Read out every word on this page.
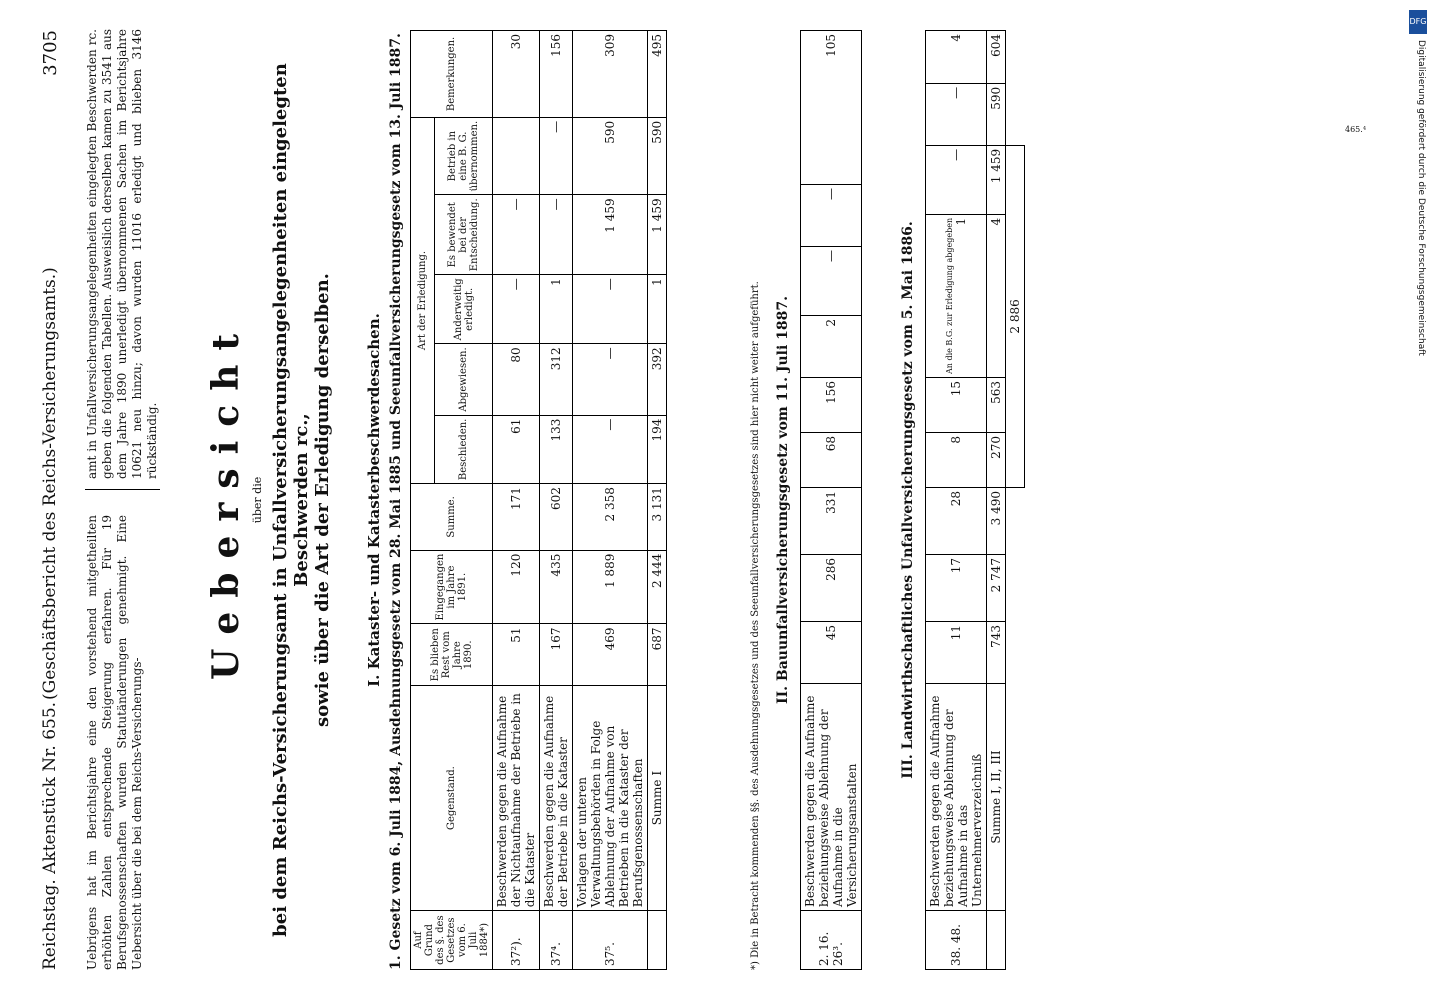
Reichstag. Aktenstück Nr. 655.
(Geschäftsbericht des Reichs-Versicherungsamts.)
3705
Uebrigens hat im Berichtsjahre eine den vorstehend mitgetheilten erhöhten Zahlen entsprechende Steigerung erfahren. Für 19 Berufsgenossenschaften wurden Statutänderungen genehmigt. Eine Uebersicht über die bei dem Reichs-Versicherungs-
amt in Unfallversicherungsangelegenheiten eingelegten Beschwerden rc. geben die folgenden Tabellen. Ausweislich derselben kamen zu 3541 aus dem Jahre 1890 unerledigt übernommenen Sachen im Berichtsjahre 10621 neu hinzu; davon wurden 11016 erledigt und blieben 3146 rückständig. Uebersicht über die bei dem Reichs-Versicherungsamt in Unfallversicherungsangelegenheiten eingelegten Beschwerden rc., sowie über die Art der Erledigung derselben. I. Kataster- und Katasterbeschwerdesachen. 1. Gesetz vom 6. Juli 1884, Ausdehnungsgesetz vom 28. Mai 1885 und Seeunfallversicherungsgesetz vom 13. Juli 1887. Auf Grund des §. des Gesetzes vom 6. Juli 1884*)	Gegenstand.	Es blieben Rest vom Jahre 1890.	Eingegangen im Jahre 1891.	Summe.	Art der Erledigung.					Bemerkungen.
					Beschieden.	Abgewiesen.	Anderweitig erledigt.	Es bewendet bei der Entscheidung.	Betrieb in eine B. G. übernommen.
37²).	Beschwerden gegen die Aufnahme der Nichtaufnahme der Betriebe in die Kataster	51	120	171	61	80	—	—		30
37⁴.	Beschwerden gegen die Aufnahme der Betriebe in die Kataster	167	435	602	133	312	1	—	—	156
37⁵.	Vorlagen der unteren Verwaltungsbehörden in Folge Ablehnung der Aufnahme von Betrieben in die Kataster der Berufsgenossenschaften	469	1 889	2 358	—	—	—	1 459	590	309
	Summe I	687	2 444	3 131	194	392	1	1 459	590	495
*) Die in Betracht kommenden §§. des Ausdehnungsgesetzes und des Seeunfallversicherungsgesetzes sind hier nicht weiter aufgeführt. II. Bauunfallversicherungsgesetz vom 11. Juli 1887.
2. 16. 26³.	Beschwerden gegen die Aufnahme beziehungsweise Ablehnung der Aufnahme in die Versicherungsanstalten	45	286	331	68	156	2	—	—	105
III. Landwirthschaftliches Unfallversicherungsgesetz vom 5. Mai 1886.
38. 48.	Beschwerden gegen die Aufnahme beziehungsweise Ablehnung der Aufnahme in das Unternehmerverzeichniß	11	17	28	8	15	An die B.G. zur Erledigung abgegeben 1	—	—	4
	Summe I, II, III	743	2 747	3 490	270	563	4	1 459	590	604
					2 886					
465.⁴
DFG
Digitalisierung gefördert durch die Deutsche Forschungsgemeinschaft
